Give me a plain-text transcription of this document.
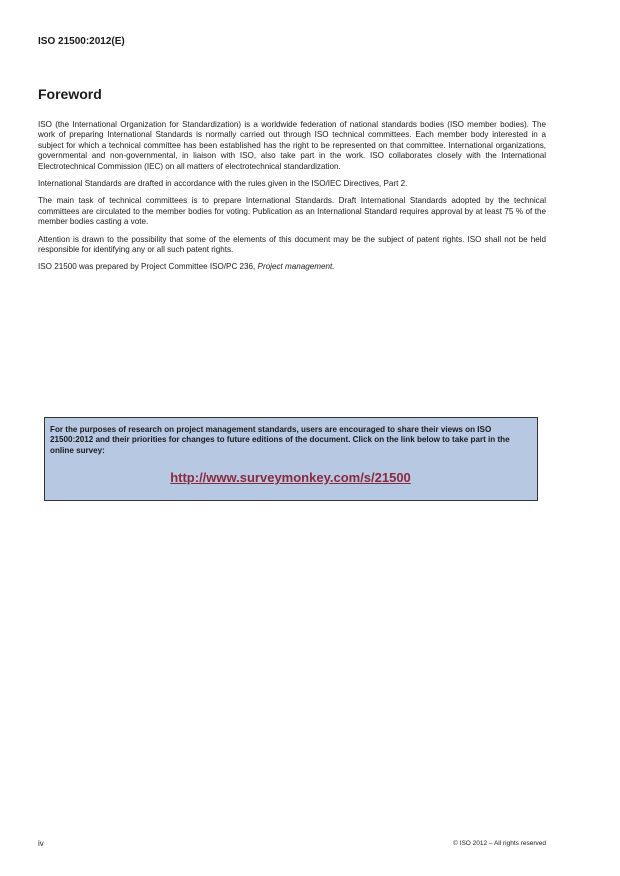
ISO 21500:2012(E)

Foreword

ISO (the International Organization for Standardization) is a worldwide federation of national standards bodies (ISO member bodies). The work of preparing International Standards is normally carried out through ISO technical committees. Each member body interested in a subject for which a technical committee has been established has the right to be represented on that committee. International organizations, governmental and non-governmental, in liaison with ISO, also take part in the work. ISO collaborates closely with the International Electrotechnical Commission (IEC) on all matters of electrotechnical standardization.

International Standards are drafted in accordance with the rules given in the ISO/IEC Directives, Part 2.

The main task of technical committees is to prepare International Standards. Draft International Standards adopted by the technical committees are circulated to the member bodies for voting. Publication as an International Standard requires approval by at least 75 % of the member bodies casting a vote.

Attention is drawn to the possibility that some of the elements of this document may be the subject of patent rights. ISO shall not be held responsible for identifying any or all such patent rights.

ISO 21500 was prepared by Project Committee ISO/PC 236, Project management.

For the purposes of research on project management standards, users are encouraged to share their views on ISO 21500:2012 and their priorities for changes to future editions of the document. Click on the link below to take part in the online survey:

http://www.surveymonkey.com/s/21500

iv	© ISO 2012 – All rights reserved
